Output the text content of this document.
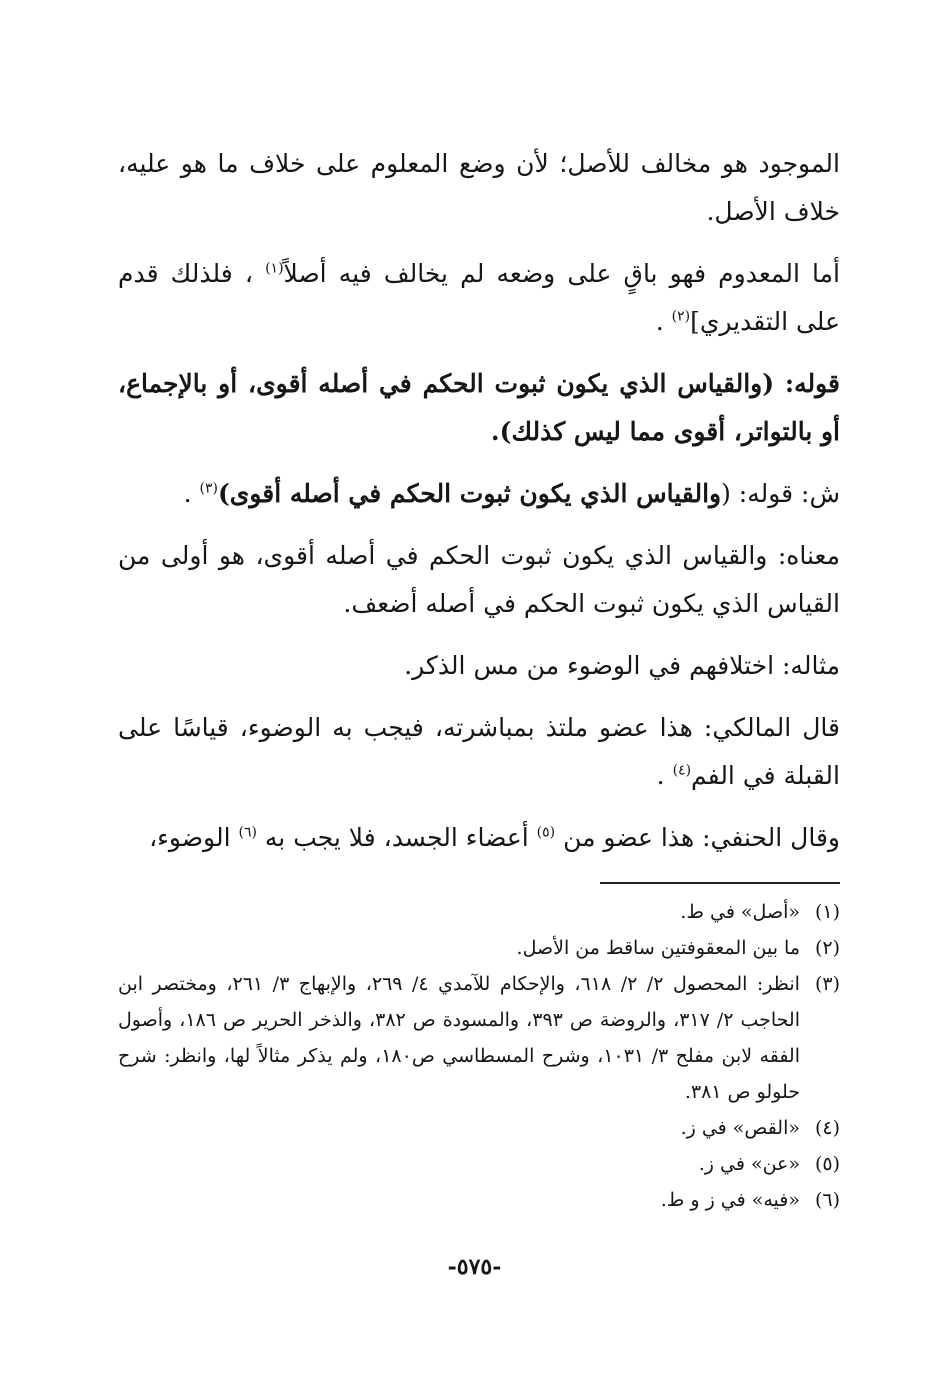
الموجود هو مخالف للأصل؛ لأن وضع المعلوم على خلاف ما هو عليه، خلاف الأصل.

أما المعدوم فهو باقٍ على وضعه لم يخالف فيه أصلاً$^{(١)}$ ، فلذلك قدم على التقديري]$^{(٢)}$ .

قوله: (والقياس الذي يكون ثبوت الحكم في أصله أقوى، أو بالإجماع، أو بالتواتر، أقوى مما ليس كذلك).

ش: قوله: (والقياس الذي يكون ثبوت الحكم في أصله أقوى)$^{(٣)}$ .

معناه: والقياس الذي يكون ثبوت الحكم في أصله أقوى، هو أولى من القياس الذي يكون ثبوت الحكم في أصله أضعف.

مثاله: اختلافهم في الوضوء من مس الذكر.

قال المالكي: هذا عضو ملتذ بمباشرته، فيجب به الوضوء، قياسًا على القبلة في الفم$^{(٤)}$ .

وقال الحنفي: هذا عضو من $^{(٥)}$ أعضاء الجسد، فلا يجب به $^{(٦)}$ الوضوء،

(١)
«أصل» في ط.
(٢)
ما بين المعقوفتين ساقط من الأصل.
(٣)
انظر: المحصول ٢/ ٢/ ٦١٨، والإحكام للآمدي ٤/ ٢٦٩، والإبهاج ٣/ ٢٦١، ومختصر ابن الحاجب ٢/ ٣١٧، والروضة ص ٣٩٣، والمسودة ص ٣٨٢، والذخر الحرير ص ١٨٦، وأصول الفقه لابن مفلح ٣/ ١٠٣١، وشرح المسطاسي ص١٨٠، ولم يذكر مثالاً لها، وانظر: شرح حلولو ص ٣٨١.
(٤)
«القص» في ز.
(٥)
«عن» في ز.
(٦)
«فيه» في ز و ط.
-٥٧٥-
